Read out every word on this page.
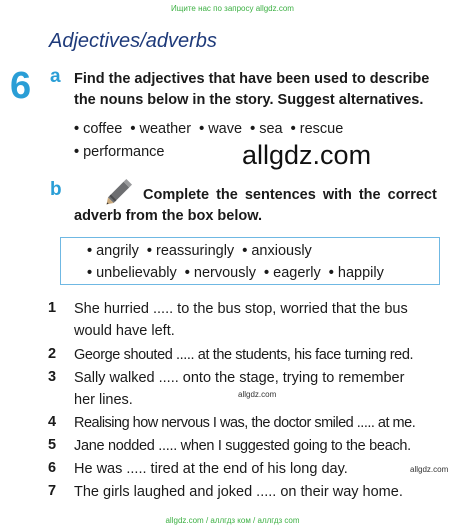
Ищите нас по запросу allgdz.com
Adjectives/adverbs
6 a Find the adjectives that have been used to describe
the nouns below in the story. Suggest alternatives.
• coffee • weather • wave • sea • rescue
• performance	allgdz.com
b	Complete the sentences with the correct
adverb from the box below.
• angrily • reassuringly • anxiously
• unbelievably • nervously • eagerly • happily
1	She hurried ..... to the bus stop, worried that the bus
would have left.
2	George shouted ..... at the students, his face turning red.
3	Sally walked ..... onto the stage, trying to remember
allgdz.com
her lines.
4	Realising how nervous I was, the doctor smiled ..... at me.
5	Jane nodded ..... when I suggested going to the beach.
6	He was ..... tired at the end of his long day.	allgdz.com
7	The girls laughed and joked ..... on their way home.
allgdz.com / аллгдз ком / аллгдз com
